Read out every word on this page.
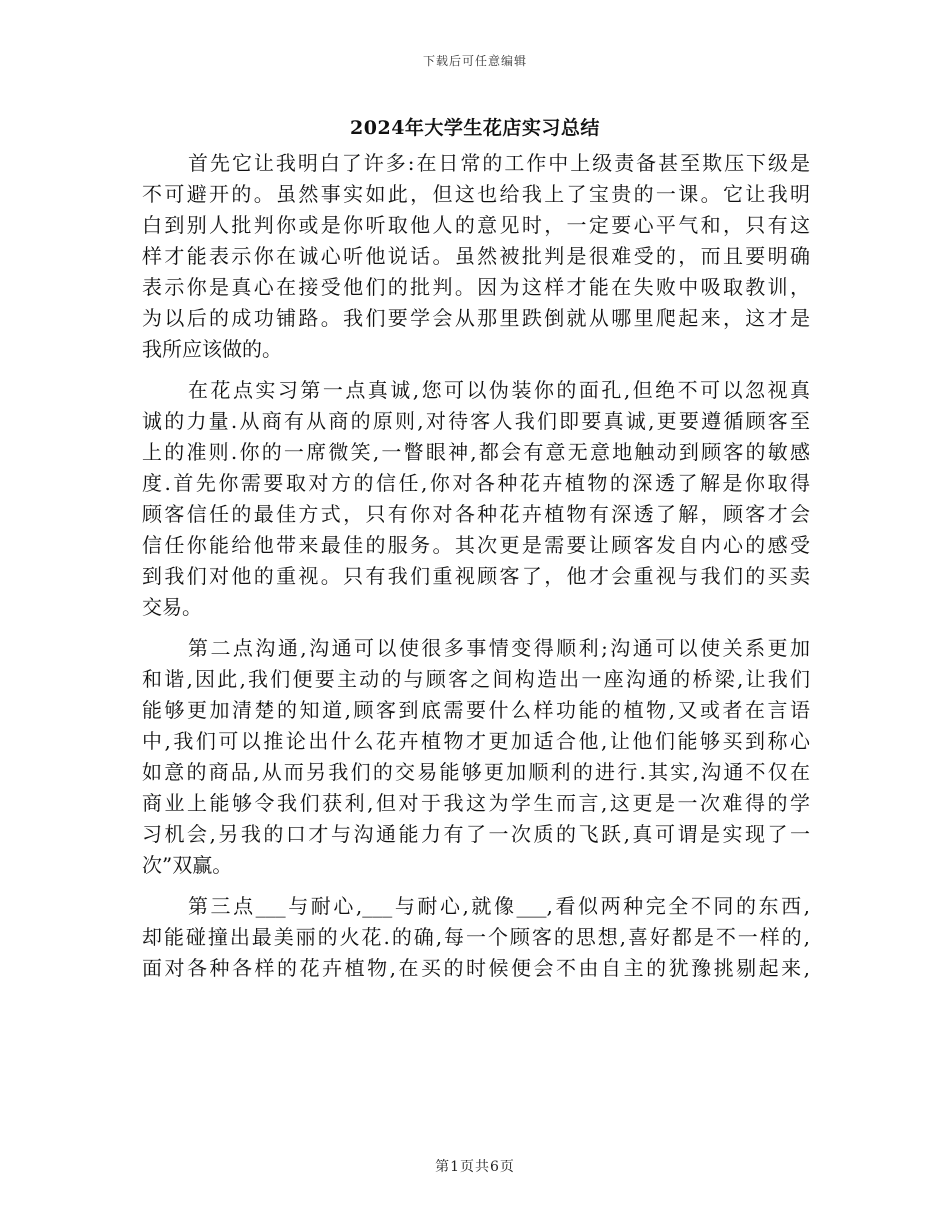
下载后可任意编辑
2024年大学生花店实习总结

首先它让我明白了许多:在日常的工作中上级责备甚至欺压下级是
不可避开的。虽然事实如此，但这也给我上了宝贵的一课。它让我明
白到别人批判你或是你听取他人的意见时，一定要心平气和，只有这
样才能表示你在诚心听他说话。虽然被批判是很难受的，而且要明确
表示你是真心在接受他们的批判。因为这样才能在失败中吸取教训，
为以后的成功铺路。我们要学会从那里跌倒就从哪里爬起来，这才是
我所应该做的。

在花点实习第一点真诚,您可以伪装你的面孔,但绝不可以忽视真
诚的力量.从商有从商的原则,对待客人我们即要真诚,更要遵循顾客至
上的准则.你的一席微笑,一瞥眼神,都会有意无意地触动到顾客的敏感
度.首先你需要取对方的信任,你对各种花卉植物的深透了解是你取得
顾客信任的最佳方式，只有你对各种花卉植物有深透了解，顾客才会
信任你能给他带来最佳的服务。其次更是需要让顾客发自内心的感受
到我们对他的重视。只有我们重视顾客了，他才会重视与我们的买卖
交易。

第二点沟通,沟通可以使很多事情变得顺利;沟通可以使关系更加
和谐,因此,我们便要主动的与顾客之间构造出一座沟通的桥梁,让我们
能够更加清楚的知道,顾客到底需要什么样功能的植物,又或者在言语
中,我们可以推论出什么花卉植物才更加适合他,让他们能够买到称心
如意的商品,从而另我们的交易能够更加顺利的进行.其实,沟通不仅在
商业上能够令我们获利,但对于我这为学生而言,这更是一次难得的学
习机会,另我的口才与沟通能力有了一次质的飞跃,真可谓是实现了一
次”双赢。

第三点___与耐心,___与耐心,就像___,看似两种完全不同的东西,
却能碰撞出最美丽的火花.的确,每一个顾客的思想,喜好都是不一样的,
面对各种各样的花卉植物,在买的时候便会不由自主的犹豫挑剔起来,

第1页共6页
